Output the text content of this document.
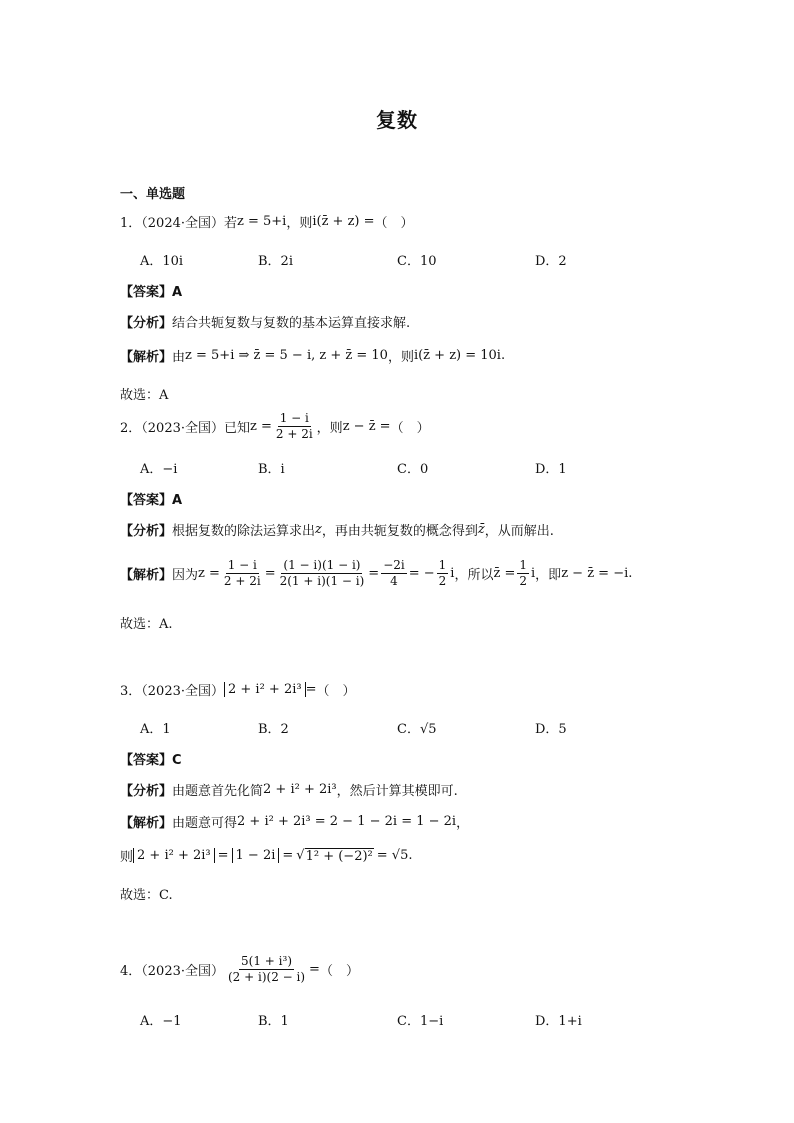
复数
一、单选题
1．（2024·全国）若 z = 5+i ，则 i(z̄ + z) = （　）
A．10i	B．2i	C．10	D．2
【答案】A
【分析】 结合共轭复数与复数的基本运算直接求解.
【解析】 由 z = 5+i ⇒ z̄ = 5 − i, z + z̄ = 10 ，则 i(z̄ + z) = 10i .
故选：A
2．（2023·全国）已知 $z = \frac{1 - i}{2 + 2i}$ ，则 z − z̄ = （　）
A．−i	B．i	C．0	D．1
【答案】A
【分析】 根据复数的除法运算求出 z ，再由共轭复数的概念得到 z̄ ，从而解出.
【解析】 因为 $z = \frac{1 - i}{2 + 2i} = \frac{(1 - i)(1 - i)}{2(1 + i)(1 - i)} = \frac{-2i}{4}$ = − $\frac{1}{2}$ i ，所以 z̄ = $\frac{1}{2}$ i ，即 z − z̄ = −i .
故选：A.
3．（2023·全国） 2 + i² + 2i³ = （　）
A．1	B．2	C．√5	D．5
【答案】C
【分析】 由题意首先化简 2 + i² + 2i³ ，然后计算其模即可.
【解析】 由题意可得 2 + i² + 2i³ = 2 − 1 − 2i = 1 − 2i ，
则 2 + i² + 2i³ = 1 − 2i = √ 1² + (−2)² = √5 .
故选：C.
4．（2023·全国） $\frac{\text{5(1 + i³)}}{(2 + i)(2 - i)}$ = （　）
A．−1	B．1	C．1−i	D．1+i
